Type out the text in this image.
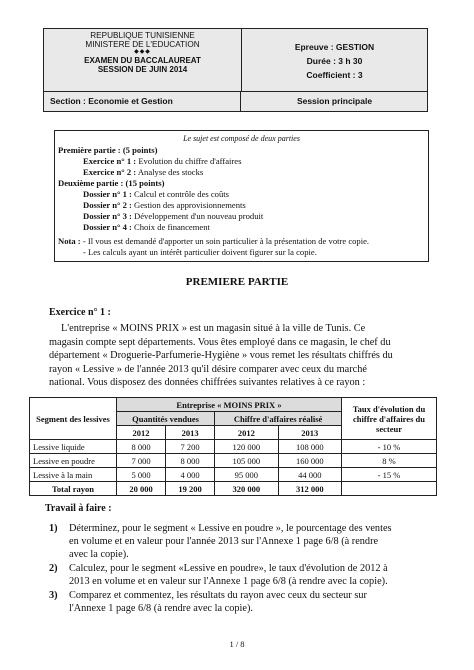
REPUBLIQUE TUNISIENNE
MINISTERE DE L'EDUCATION
◆◆◆
EXAMEN DU BACCALAUREAT
SESSION DE JUIN 2014
Epreuve : GESTION
Durée : 3 h 30
Coefficient : 3
Section : Economie et Gestion	Session principale
Le sujet est composé de deux parties
Première partie : (5 points)
Exercice n° 1 : Evolution du chiffre d'affaires
Exercice n° 2 : Analyse des stocks
Deuxième partie : (15 points)
Dossier n° 1 : Calcul et contrôle des coûts
Dossier n° 2 : Gestion des approvisionnements
Dossier n° 3 : Développement d'un nouveau produit
Dossier n° 4 : Choix de financement
Nota : - Il vous est demandé d'apporter un soin particulier à la présentation de votre copie.
- Les calculs ayant un intérêt particulier doivent figurer sur la copie.
PREMIERE PARTIE
Exercice n° 1 :
L'entreprise « MOINS PRIX » est un magasin situé à la ville de Tunis. Ce
magasin compte sept départements. Vous êtes employé dans ce magasin, le chef du
département « Droguerie-Parfumerie-Hygiène » vous remet les résultats chiffrés du
rayon « Lessive » de l'année 2013 qu'il désire comparer avec ceux du marché
national. Vous disposez des données chiffrées suivantes relatives à ce rayon :
Segment des lessives	Entreprise « MOINS PRIX »				Taux d'évolution du chiffre d'affaires du secteur
	Quantités vendues		Chiffre d'affaires réalisé		
	2012	2013	2012	2013	
Lessive liquide	8 000	7 200	120 000	108 000	- 10 %
Lessive en poudre	7 000	8 000	105 000	160 000	8 %
Lessive à la main	5 000	4 000	95 000	44 000	- 15 %
Total rayon	20 000	19 200	320 000	312 000	
Travail à faire :
1) Déterminez, pour le segment « Lessive en poudre », le pourcentage des ventes
en volume et en valeur pour l'année 2013 sur l'Annexe 1 page 6/8 (à rendre
avec la copie).
2) Calculez, pour le segment «Lessive en poudre», le taux d'évolution de 2012 à
2013 en volume et en valeur sur l'Annexe 1 page 6/8 (à rendre avec la copie).
3) Comparez et commentez, les résultats du rayon avec ceux du secteur sur
l'Annexe 1 page 6/8 (à rendre avec la copie).
1 / 8
